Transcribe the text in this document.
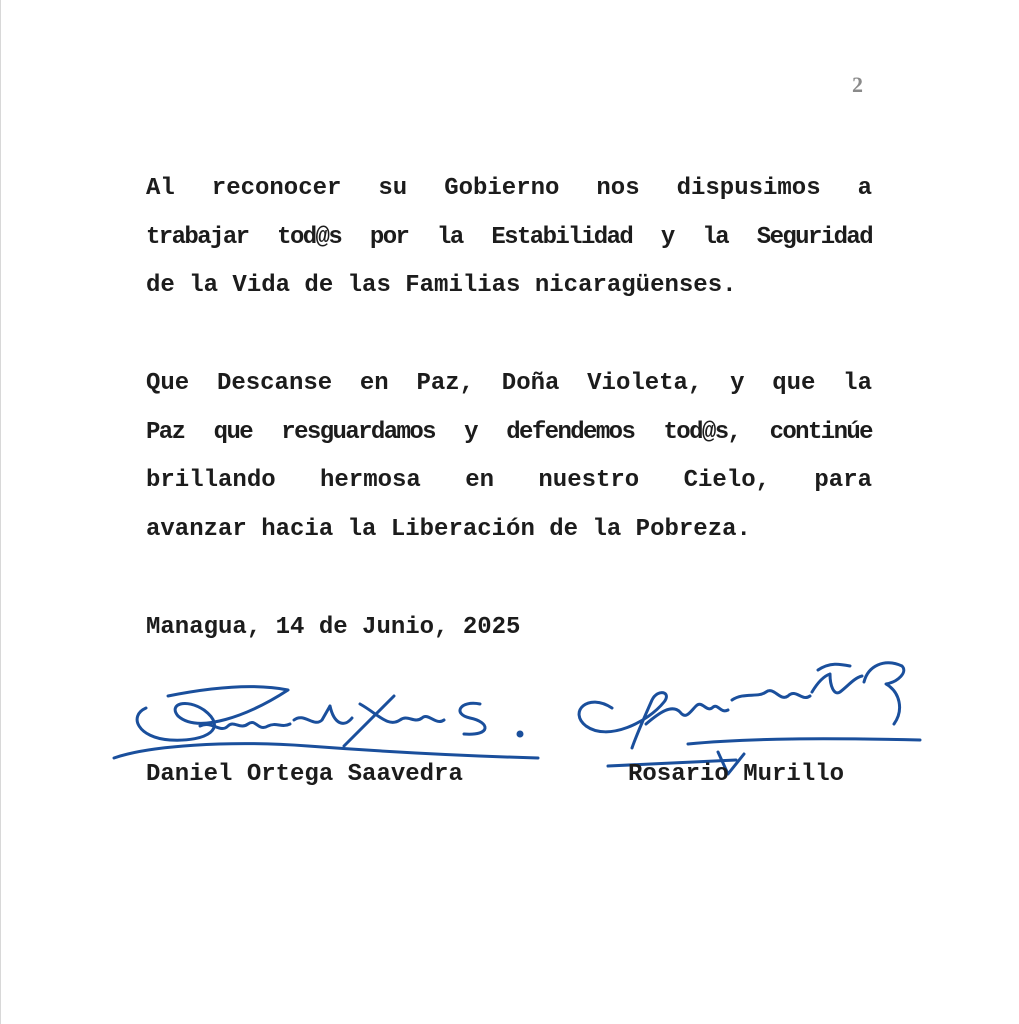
2
Al reconocer su Gobierno nos dispusimos a
trabajar tod@s por la Estabilidad y la Seguridad
de la Vida de las Familias nicaragüenses.
Que Descanse en Paz, Doña Violeta, y que la
Paz que resguardamos y defendemos tod@s, continúe
brillando hermosa en nuestro Cielo, para
avanzar hacia la Liberación de la Pobreza.
Managua, 14 de Junio, 2025
Daniel Ortega Saavedra	Rosario Murillo
